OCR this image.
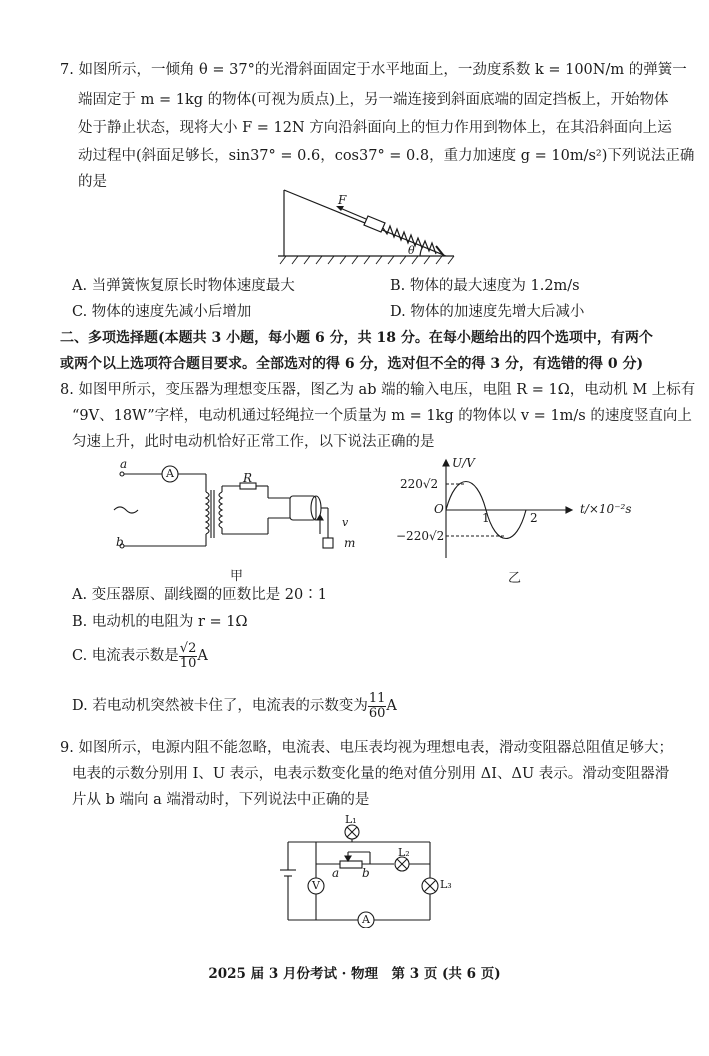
7. 如图所示，一倾角 θ = 37°的光滑斜面固定于水平地面上，一劲度系数 k = 100N/m 的弹簧一
端固定于 m = 1kg 的物体(可视为质点)上，另一端连接到斜面底端的固定挡板上，开始物体
处于静止状态，现将大小 F = 12N 方向沿斜面向上的恒力作用到物体上，在其沿斜面向上运
动过程中(斜面足够长，sin37° = 0.6，cos37° = 0.8，重力加速度 g = 10m/s²)下列说法正确
的是
F
θ
A. 当弹簧恢复原长时物体速度最大	B. 物体的最大速度为 1.2m/s
C. 物体的速度先减小后增加	D. 物体的加速度先增大后减小
二、多项选择题(本题共 3 小题，每小题 6 分，共 18 分。在每小题给出的四个选项中，有两个
或两个以上选项符合题目要求。全部选对的得 6 分，选对但不全的得 3 分，有选错的得 0 分)
8. 如图甲所示，变压器为理想变压器，图乙为 ab 端的输入电压，电阻 R = 1Ω，电动机 M 上标有
“9V、18W”字样，电动机通过轻绳拉一个质量为 m = 1kg 的物体以 v = 1m/s 的速度竖直向上
匀速上升，此时电动机恰好正常工作，以下说法正确的是
a
b
A	R
v
m
甲
U/V
t/×10⁻²s
O
220√2
−220√2
1	2
乙
A. 变压器原、副线圈的匝数比是 20∶1
B. 电动机的电阻为 r = 1Ω
C. 电流表示数是 $\frac{√2}{10}$ A
D. 若电动机突然被卡住了，电流表的示数变为 $\frac{11}{60}$ A
9. 如图所示，电源内阻不能忽略，电流表、电压表均视为理想电表，滑动变阻器总阻值足够大；
电表的示数分别用 I、U 表示，电表示数变化量的绝对值分别用 ΔI、ΔU 表示。滑动变阻器滑
片从 b 端向 a 端滑动时，下列说法中正确的是
L₁
L₂
L₃
V
A
a b
2025 届 3 月份考试 · 物理　第 3 页 (共 6 页)
